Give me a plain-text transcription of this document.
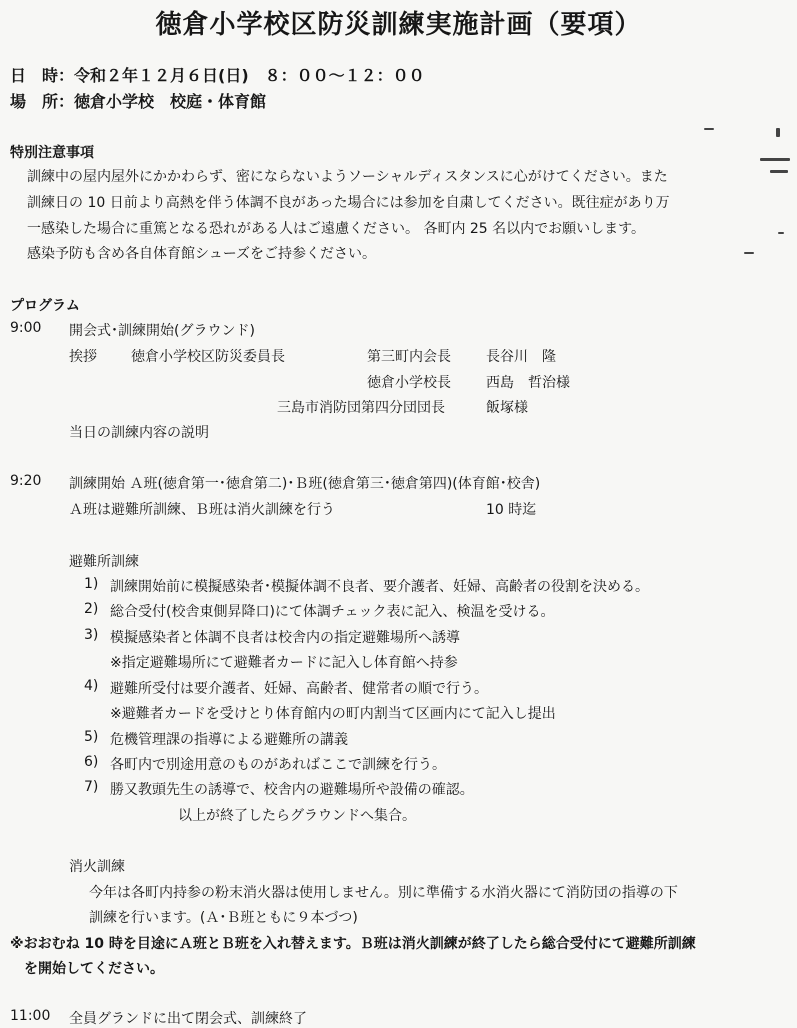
徳倉小学校区防災訓練実施計画（要項）
日　時：令和２年１２月６日(日)　８：００～１２：００
場　所：徳倉小学校　校庭・体育館
特別注意事項
訓練中の屋内屋外にかかわらず、密にならないようソーシャルディスタンスに心がけてください。また
訓練日の 10 日前より高熱を伴う体調不良があった場合には参加を自粛してください。既往症があり万
一感染した場合に重篤となる恐れがある人はご遠慮ください。 各町内 25 名以内でお願いします。
感染予防も含め各自体育館シューズをご持参ください。
プログラム
9:00 開会式･訓練開始(グラウンド)
挨拶 徳倉小学校区防災委員長	第三町内会長	長谷川　隆
徳倉小学校長	西島　哲治様
三島市消防団第四分団団長	飯塚様
当日の訓練内容の説明
9:20 訓練開始 Ａ班(徳倉第一･徳倉第二)･Ｂ班(徳倉第三･徳倉第四)(体育館･校舎)
Ａ班は避難所訓練、Ｂ班は消火訓練を行う	10 時迄
避難所訓練
1) 訓練開始前に模擬感染者･模擬体調不良者、要介護者、妊婦、高齢者の役割を決める。
2) 総合受付(校舎東側昇降口)にて体調チェック表に記入、検温を受ける。
3) 模擬感染者と体調不良者は校舎内の指定避難場所へ誘導
※指定避難場所にて避難者カードに記入し体育館へ持参
4) 避難所受付は要介護者、妊婦、高齢者、健常者の順で行う。
※避難者カードを受けとり体育館内の町内割当て区画内にて記入し提出
5) 危機管理課の指導による避難所の講義
6) 各町内で別途用意のものがあればここで訓練を行う。
7) 勝又教頭先生の誘導で、校舎内の避難場所や設備の確認。
以上が終了したらグラウンドへ集合。
消火訓練
今年は各町内持参の粉末消火器は使用しません。別に準備する水消火器にて消防団の指導の下
訓練を行います。(Ａ･Ｂ班ともに９本づつ)
※おおむね 10 時を目途にＡ班とＢ班を入れ替えます。Ｂ班は消火訓練が終了したら総合受付にて避難所訓練
を開始してください。
11:00 全員グランドに出て閉会式、訓練終了
